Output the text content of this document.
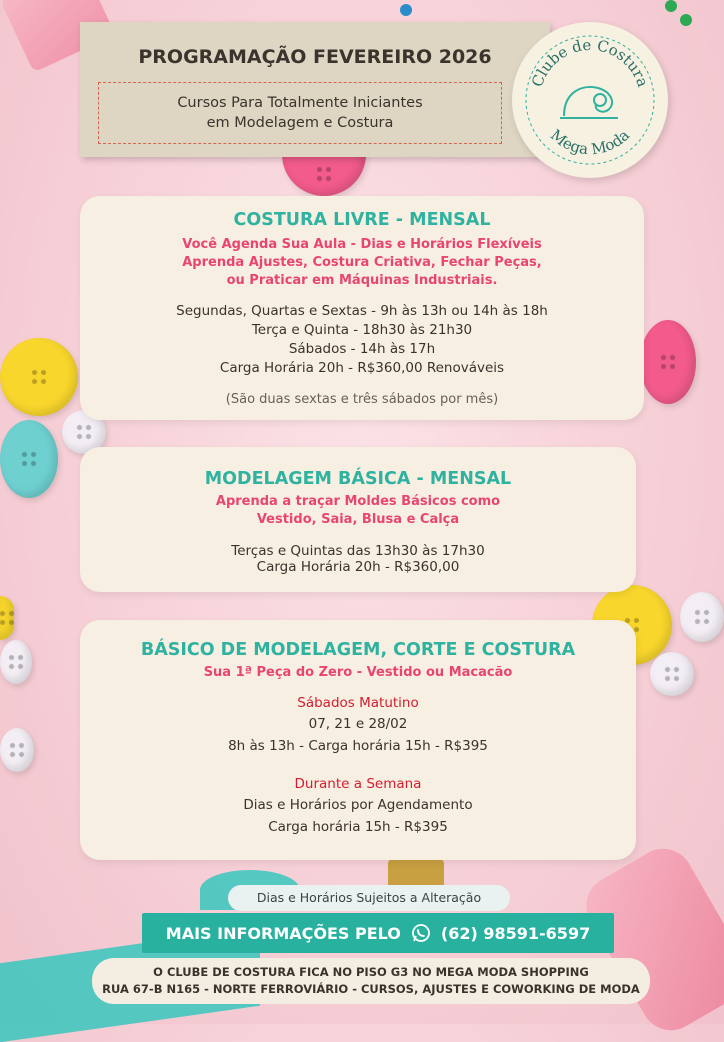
PROGRAMAÇÃO FEVEREIRO 2026
Cursos Para Totalmente Iniciantes
em Modelagem e Costura
Clube de Costura
Mega Moda
COSTURA LIVRE - MENSAL
Você Agenda Sua Aula - Dias e Horários Flexíveis
Aprenda Ajustes, Costura Criativa, Fechar Peças,
ou Praticar em Máquinas Industriais.
Segundas, Quartas e Sextas - 9h às 13h ou 14h às 18h
Terça e Quinta - 18h30 às 21h30
Sábados - 14h às 17h
Carga Horária 20h - R$360,00 Renováveis
(São duas sextas e três sábados por mês)
MODELAGEM BÁSICA - MENSAL
Aprenda a traçar Moldes Básicos como
Vestido, Saia, Blusa e Calça
Terças e Quintas das 13h30 às 17h30
Carga Horária 20h - R$360,00
BÁSICO DE MODELAGEM, CORTE E COSTURA
Sua 1ª Peça do Zero - Vestido ou Macacão
Sábados Matutino
07, 21 e 28/02
8h às 13h - Carga horária 15h - R$395
Durante a Semana
Dias e Horários por Agendamento
Carga horária 15h - R$395
Dias e Horários Sujeitos a Alteração
MAIS INFORMAÇÕES PELO	(62) 98591-6597
O CLUBE DE COSTURA FICA NO PISO G3 NO MEGA MODA SHOPPING
RUA 67-B N165 - NORTE FERROVIÁRIO - CURSOS, AJUSTES E COWORKING DE MODA
